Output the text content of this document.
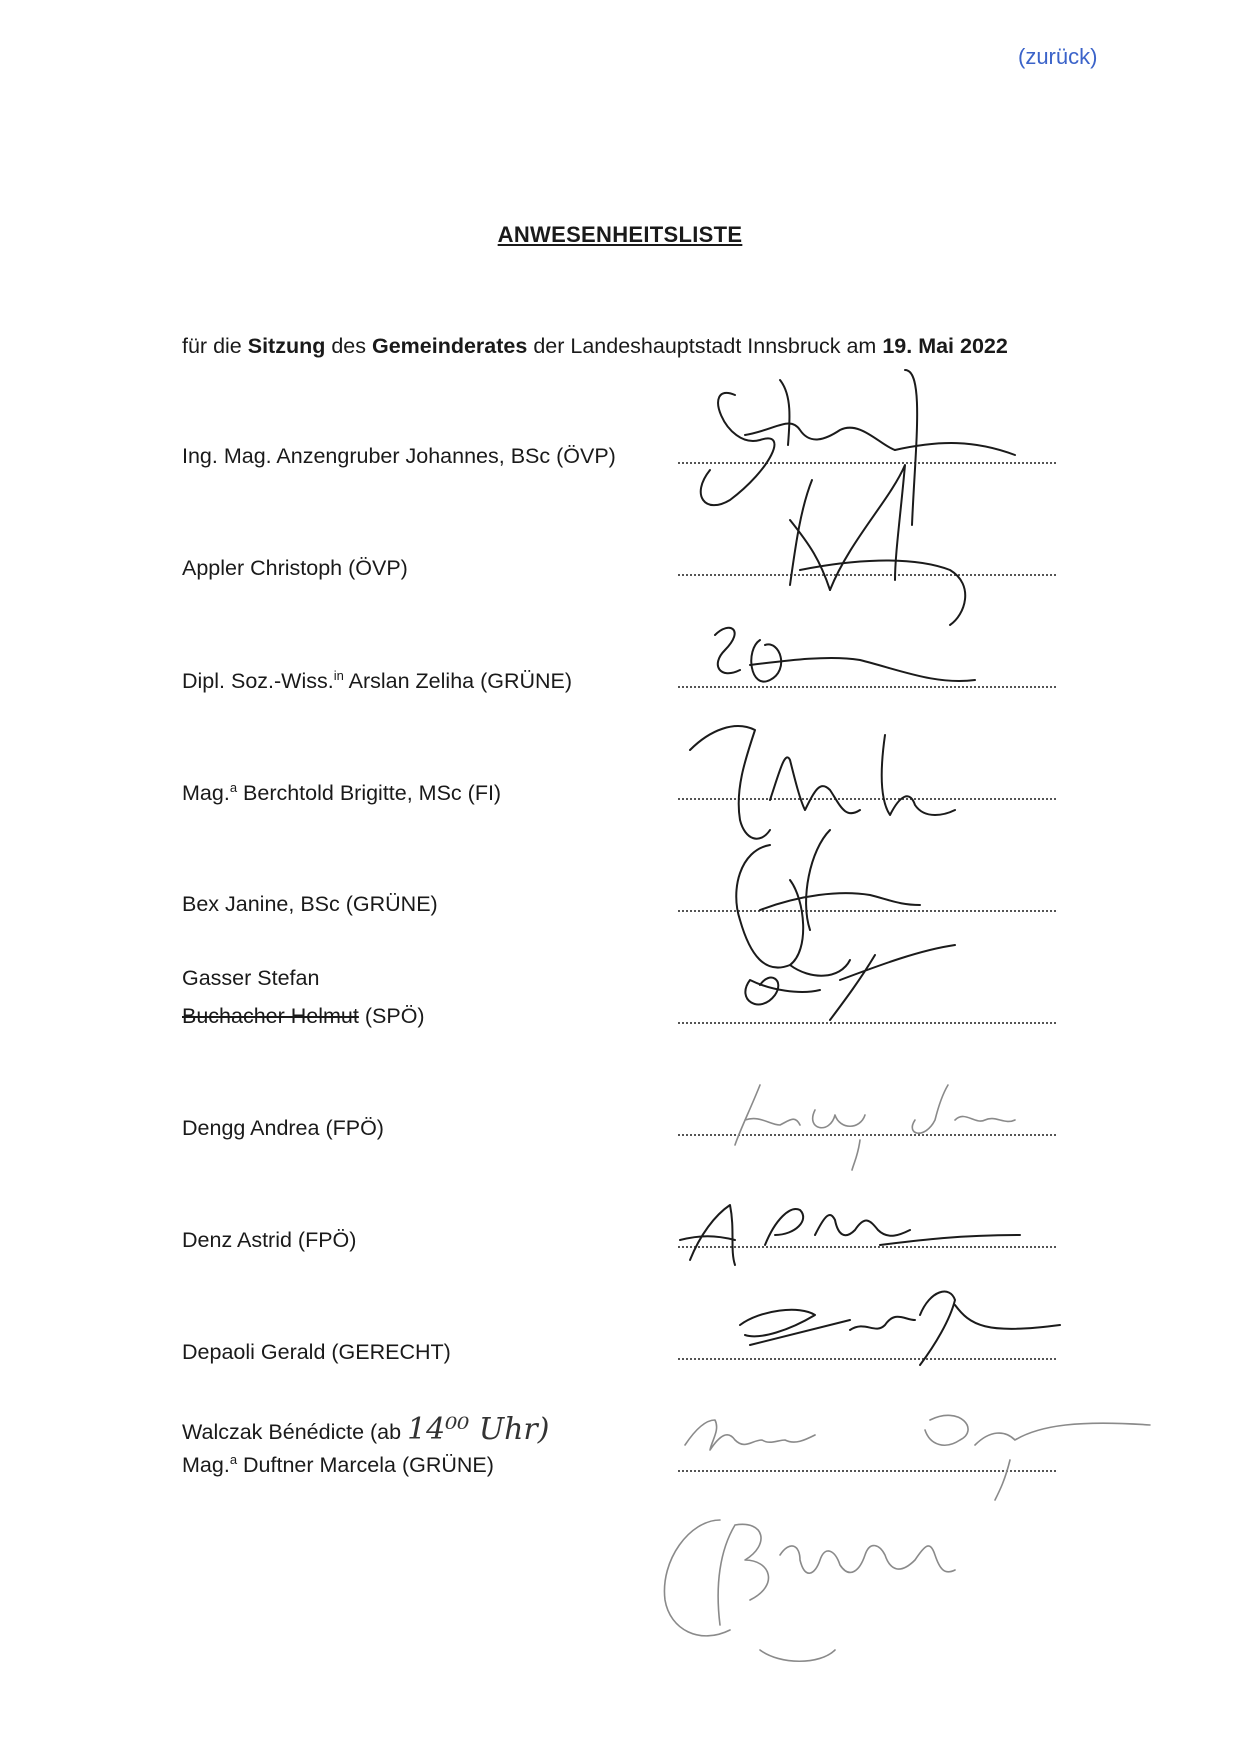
(zurück)
ANWESENHEITSLISTE
für die Sitzung des Gemeinderates der Landeshauptstadt Innsbruck am 19. Mai 2022
Ing. Mag. Anzengruber Johannes, BSc (ÖVP)
Appler Christoph (ÖVP)
Dipl. Soz.-Wiss.$^{in}$ Arslan Zeliha (GRÜNE)
Mag.$^a$ Berchtold Brigitte, MSc (FI)
Bex Janine, BSc (GRÜNE)
Gasser Stefan
Buchacher Helmut (SPÖ)
Dengg Andrea (FPÖ)
Denz Astrid (FPÖ)
Depaoli Gerald (GERECHT)
Walczak Bénédicte (ab 14⁰⁰ Uhr)
Mag.$^a$ Duftner Marcela (GRÜNE)
